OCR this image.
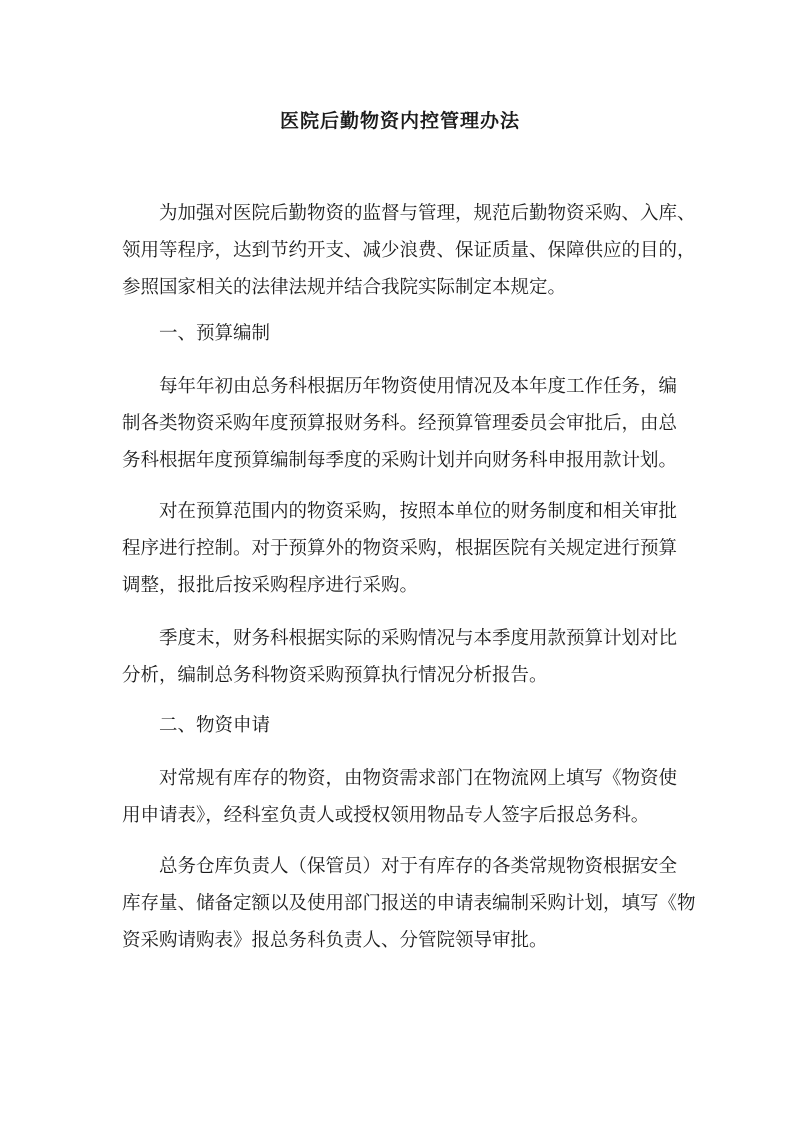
医院后勤物资内控管理办法

为加强对医院后勤物资的监督与管理，规范后勤物资采购、入库、
领用等程序，达到节约开支、减少浪费、保证质量、保障供应的目的，
参照国家相关的法律法规并结合我院实际制定本规定。

一、预算编制

每年年初由总务科根据历年物资使用情况及本年度工作任务，编
制各类物资采购年度预算报财务科。经预算管理委员会审批后，由总
务科根据年度预算编制每季度的采购计划并向财务科申报用款计划。

对在预算范围内的物资采购，按照本单位的财务制度和相关审批
程序进行控制。对于预算外的物资采购，根据医院有关规定进行预算
调整，报批后按采购程序进行采购。

季度末，财务科根据实际的采购情况与本季度用款预算计划对比
分析，编制总务科物资采购预算执行情况分析报告。

二、物资申请

对常规有库存的物资，由物资需求部门在物流网上填写《物资使
用申请表》，经科室负责人或授权领用物品专人签字后报总务科。

总务仓库负责人（保管员）对于有库存的各类常规物资根据安全
库存量、储备定额以及使用部门报送的申请表编制采购计划，填写《物
资采购请购表》报总务科负责人、分管院领导审批。
